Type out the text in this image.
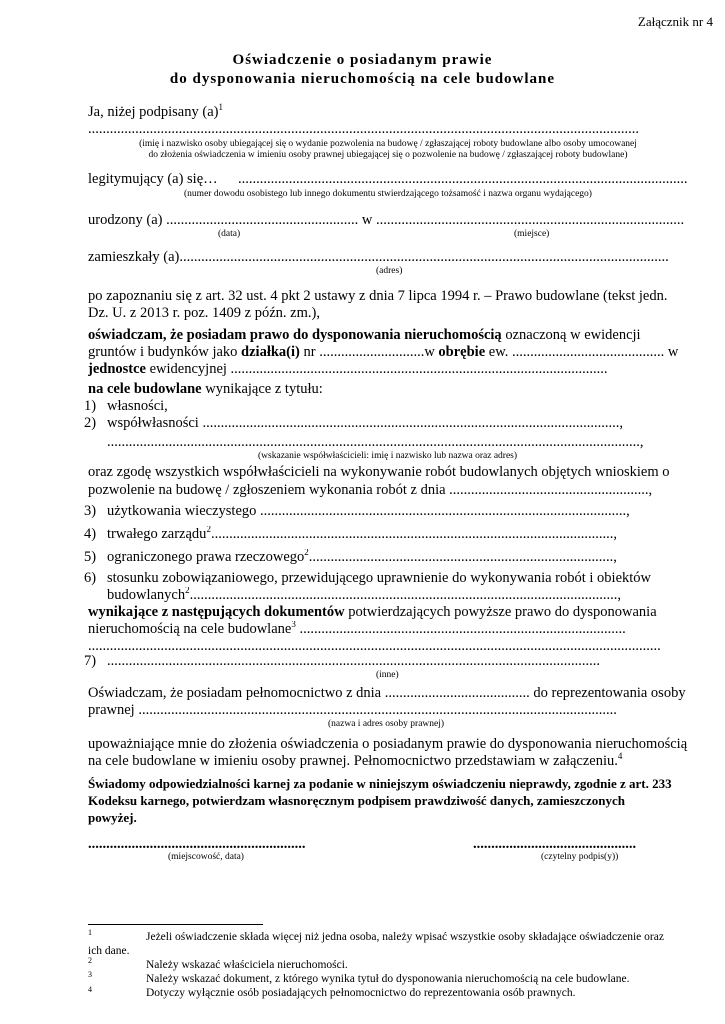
Załącznik nr 4
Oświadczenie o posiadanym prawie
do dysponowania nieruchomością na cele budowlane
Ja, niżej podpisany $(a)^1$
........................................................................................................................................................
(imię i nazwisko osoby ubiegającej się o wydanie pozwolenia na budowę / zgłaszającej roboty budowlane albo osoby umocowanej
do złożenia oświadczenia w imieniu osoby prawnej ubiegającej się o pozwolenie na budowę / zgłaszającej roboty budowlane)
legitymujący (a) się… ............................................................................................................................
(numer dowodu osobistego lub innego dokumentu stwierdzającego tożsamość i nazwa organu wydającego)
urodzony (a) ..................................................... w .....................................................................................
(data)	(miejsce)
zamieszkały (a).......................................................................................................................................
(adres)
po zapoznaniu się z art. 32 ust. 4 pkt 2 ustawy z dnia 7 lipca 1994 r. – Prawo budowlane (tekst jedn.
Dz. U. z 2013 r. poz. 1409 z późn. zm.),
oświadczam, że posiadam prawo do dysponowania nieruchomością oznaczoną w ewidencji
gruntów i budynków jako działka(i) nr .............................w obrębie ew. .......................................... w
jednostce ewidencyjnej ........................................................................................................
na cele budowlane wynikające z tytułu:
1) własności,
2) współwłasności ...................................................................................................................,
...................................................................................................................................................,
(wskazanie współwłaścicieli: imię i nazwisko lub nazwa oraz adres)
oraz zgodę wszystkich współwłaścicieli na wykonywanie robót budowlanych objętych wnioskiem o
pozwolenie na budowę / zgłoszeniem wykonania robót z dnia .......................................................,
3) użytkowania wieczystego .....................................................................................................,
4) trwałego zarządu$^2$...............................................................................................................,
5) ograniczonego prawa rzeczowego$^2$....................................................................................,
6) stosunku zobowiązaniowego, przewidującego uprawnienie do wykonywania robót i obiektów
budowlanych$^2$......................................................................................................................,
wynikające z następujących dokumentów potwierdzających powyższe prawo do dysponowania
nieruchomością na cele budowlane$^3$ ..........................................................................................
..............................................................................................................................................................
7) ........................................................................................................................................
(inne)
Oświadczam, że posiadam pełnomocnictwo z dnia ........................................ do reprezentowania osoby
prawnej ....................................................................................................................................
(nazwa i adres osoby prawnej)
upoważniające mnie do złożenia oświadczenia o posiadanym prawie do dysponowania nieruchomością
na cele budowlane w imieniu osoby prawnej. Pełnomocnictwo przedstawiam w załączeniu.$^4$
Świadomy odpowiedzialności karnej za podanie w niniejszym oświadczeniu nieprawdy, zgodnie z art. 233
Kodeksu karnego, potwierdzam własnoręcznym podpisem prawdziwość danych, zamieszczonych
powyżej.
............................................................	.............................................
(miejscowość, data)	(czytelny podpis(y))
1	Jeżeli oświadczenie składa więcej niż jedna osoba, należy wpisać wszystkie osoby składające oświadczenie oraz
ich dane.
2	Należy wskazać właściciela nieruchomości.
3	Należy wskazać dokument, z którego wynika tytuł do dysponowania nieruchomością na cele budowlane.
4	Dotyczy wyłącznie osób posiadających pełnomocnictwo do reprezentowania osób prawnych.
